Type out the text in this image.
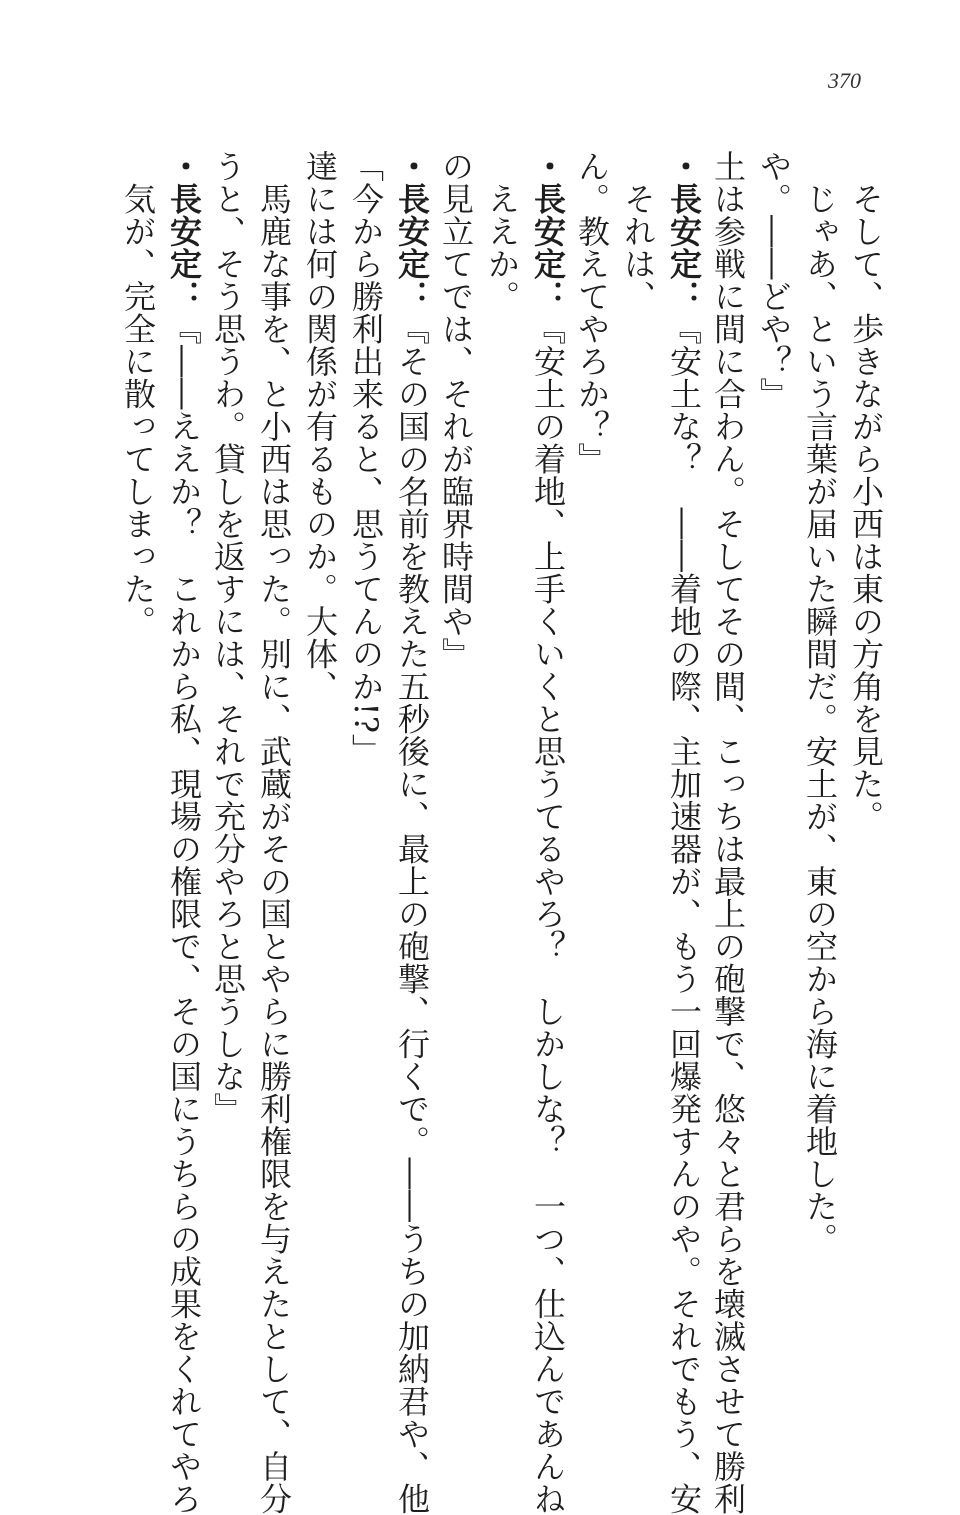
370
　気が、完全に散ってしまった。 ・長安定：『――ええか？　これから私、現場の権限で、その国にうちらの成果をくれてやろ うと、そう思うわ。貸しを返すには、それで充分やろと思うしな』 　馬鹿な事を、と小西は思った。別に、武蔵がその国とやらに勝利権限を与えたとして、自分 達には何の関係が有るものか。大体、 「今から勝利出来ると、思うてんのか!?」 ・長安定：『その国の名前を教えた五秒後に、最上の砲撃、行くで。――うちの加納君や、他 の見立てでは、それが臨界時間や』 　ええか。 ・長安定：『安土の着地、上手くいくと思うてるやろ？　しかしな？　一つ、仕込んであんね
ん。教えてやろか？』 　それは、 ・長安定：『安土な？　――着地の際、主加速器が、もう一回爆発すんのや。それでもう、安 土は参戦に間に合わん。そしてその間、こっちは最上の砲撃で、悠々と君らを壊滅させて勝利 や。――どや？』 　じゃあ、という言葉が届いた瞬間だ。安土が、東の空から海に着地した。 　そして、歩きながら小西は東の方角を見た。
